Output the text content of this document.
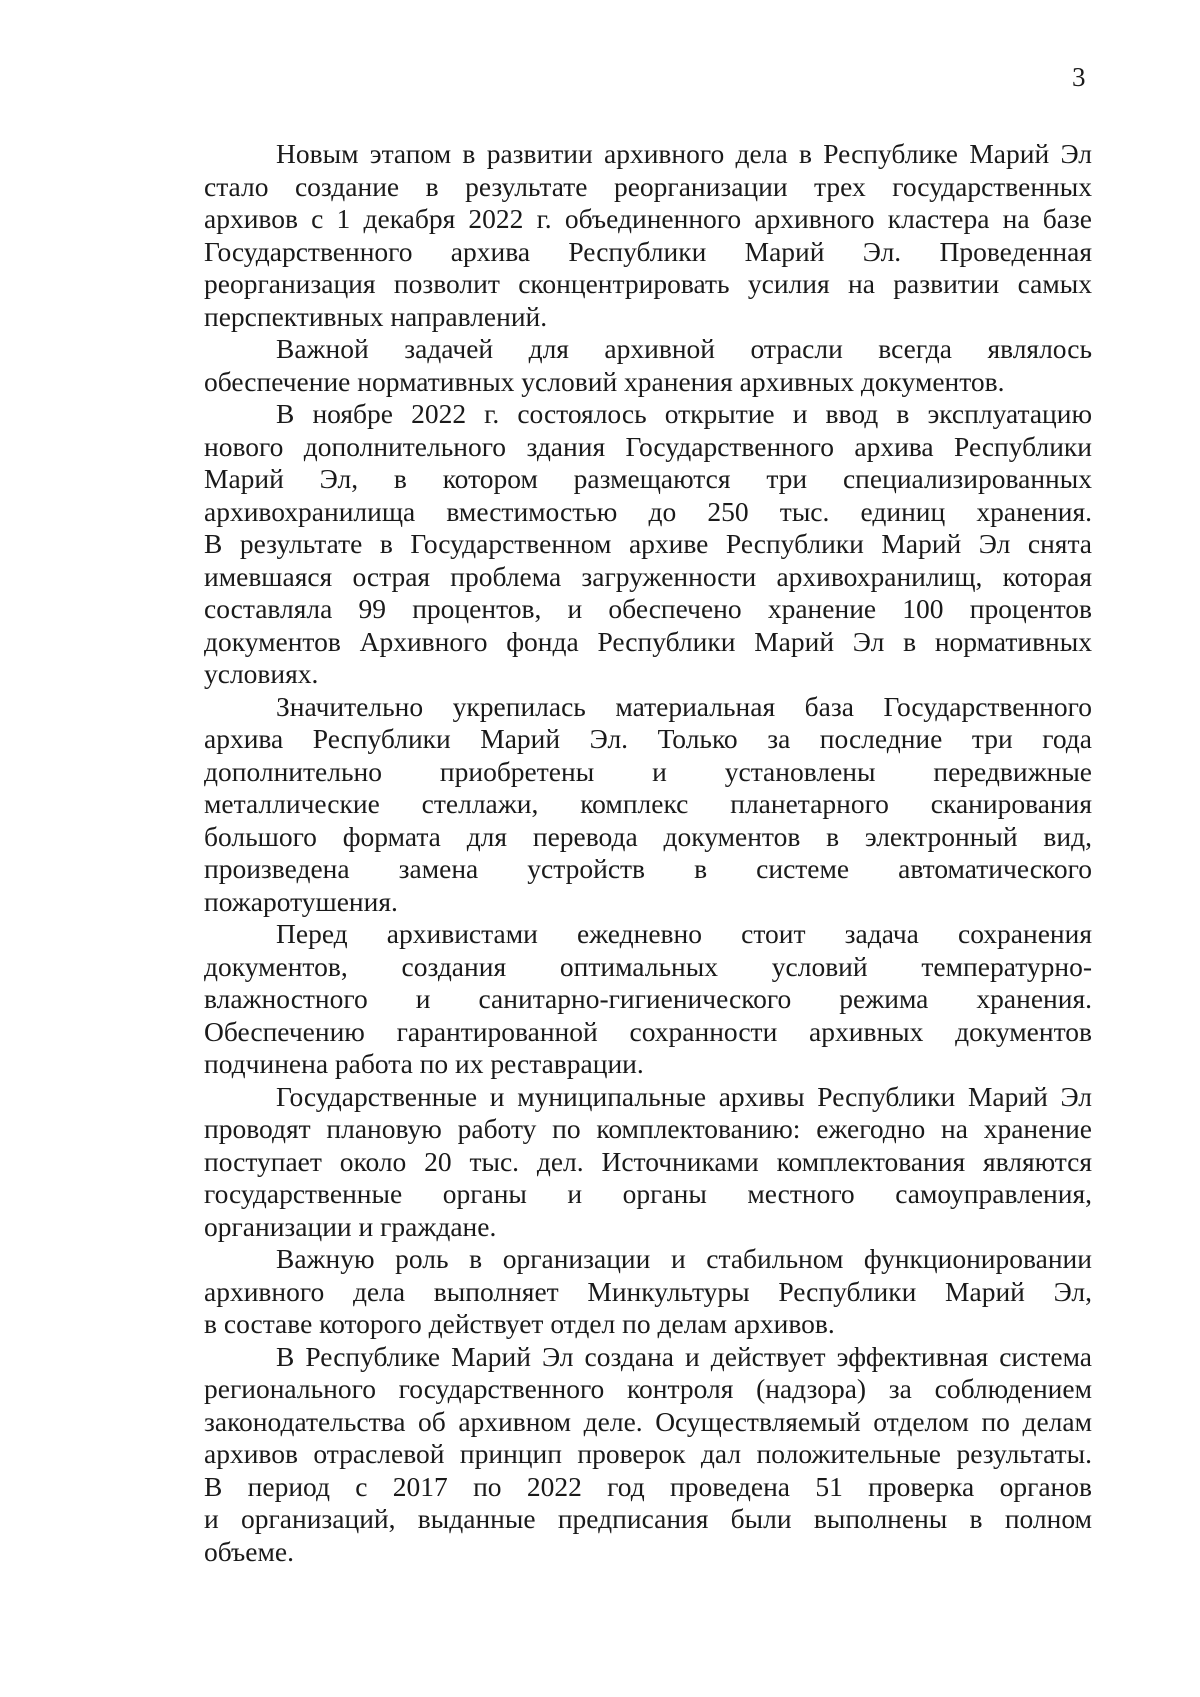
3
Новым этапом в развитии архивного дела в Республике Марий Эл
стало создание в результате реорганизации трех государственных
архивов с 1 декабря 2022 г. объединенного архивного кластера на базе
Государственного архива Республики Марий Эл. Проведенная
реорганизация позволит сконцентрировать усилия на развитии самых
перспективных направлений.
Важной задачей для архивной отрасли всегда являлось
обеспечение нормативных условий хранения архивных документов.
В ноябре 2022 г. состоялось открытие и ввод в эксплуатацию
нового дополнительного здания Государственного архива Республики
Марий Эл, в котором размещаются три специализированных
архивохранилища вместимостью до 250 тыс. единиц хранения.
В результате в Государственном архиве Республики Марий Эл снята
имевшаяся острая проблема загруженности архивохранилищ, которая
составляла 99 процентов, и обеспечено хранение 100 процентов
документов Архивного фонда Республики Марий Эл в нормативных
условиях.
Значительно укрепилась материальная база Государственного
архива Республики Марий Эл. Только за последние три года
дополнительно приобретены и установлены передвижные
металлические стеллажи, комплекс планетарного сканирования
большого формата для перевода документов в электронный вид,
произведена замена устройств в системе автоматического
пожаротушения.
Перед архивистами ежедневно стоит задача сохранения
документов, создания оптимальных условий температурно-
влажностного и санитарно-гигиенического режима хранения.
Обеспечению гарантированной сохранности архивных документов
подчинена работа по их реставрации.
Государственные и муниципальные архивы Республики Марий Эл
проводят плановую работу по комплектованию: ежегодно на хранение
поступает около 20 тыс. дел. Источниками комплектования являются
государственные органы и органы местного самоуправления,
организации и граждане.
Важную роль в организации и стабильном функционировании
архивного дела выполняет Минкультуры Республики Марий Эл,
в составе которого действует отдел по делам архивов.
В Республике Марий Эл создана и действует эффективная система
регионального государственного контроля (надзора) за соблюдением
законодательства об архивном деле. Осуществляемый отделом по делам
архивов отраслевой принцип проверок дал положительные результаты.
В период с 2017 по 2022 год проведена 51 проверка органов
и организаций, выданные предписания были выполнены в полном
объеме.
